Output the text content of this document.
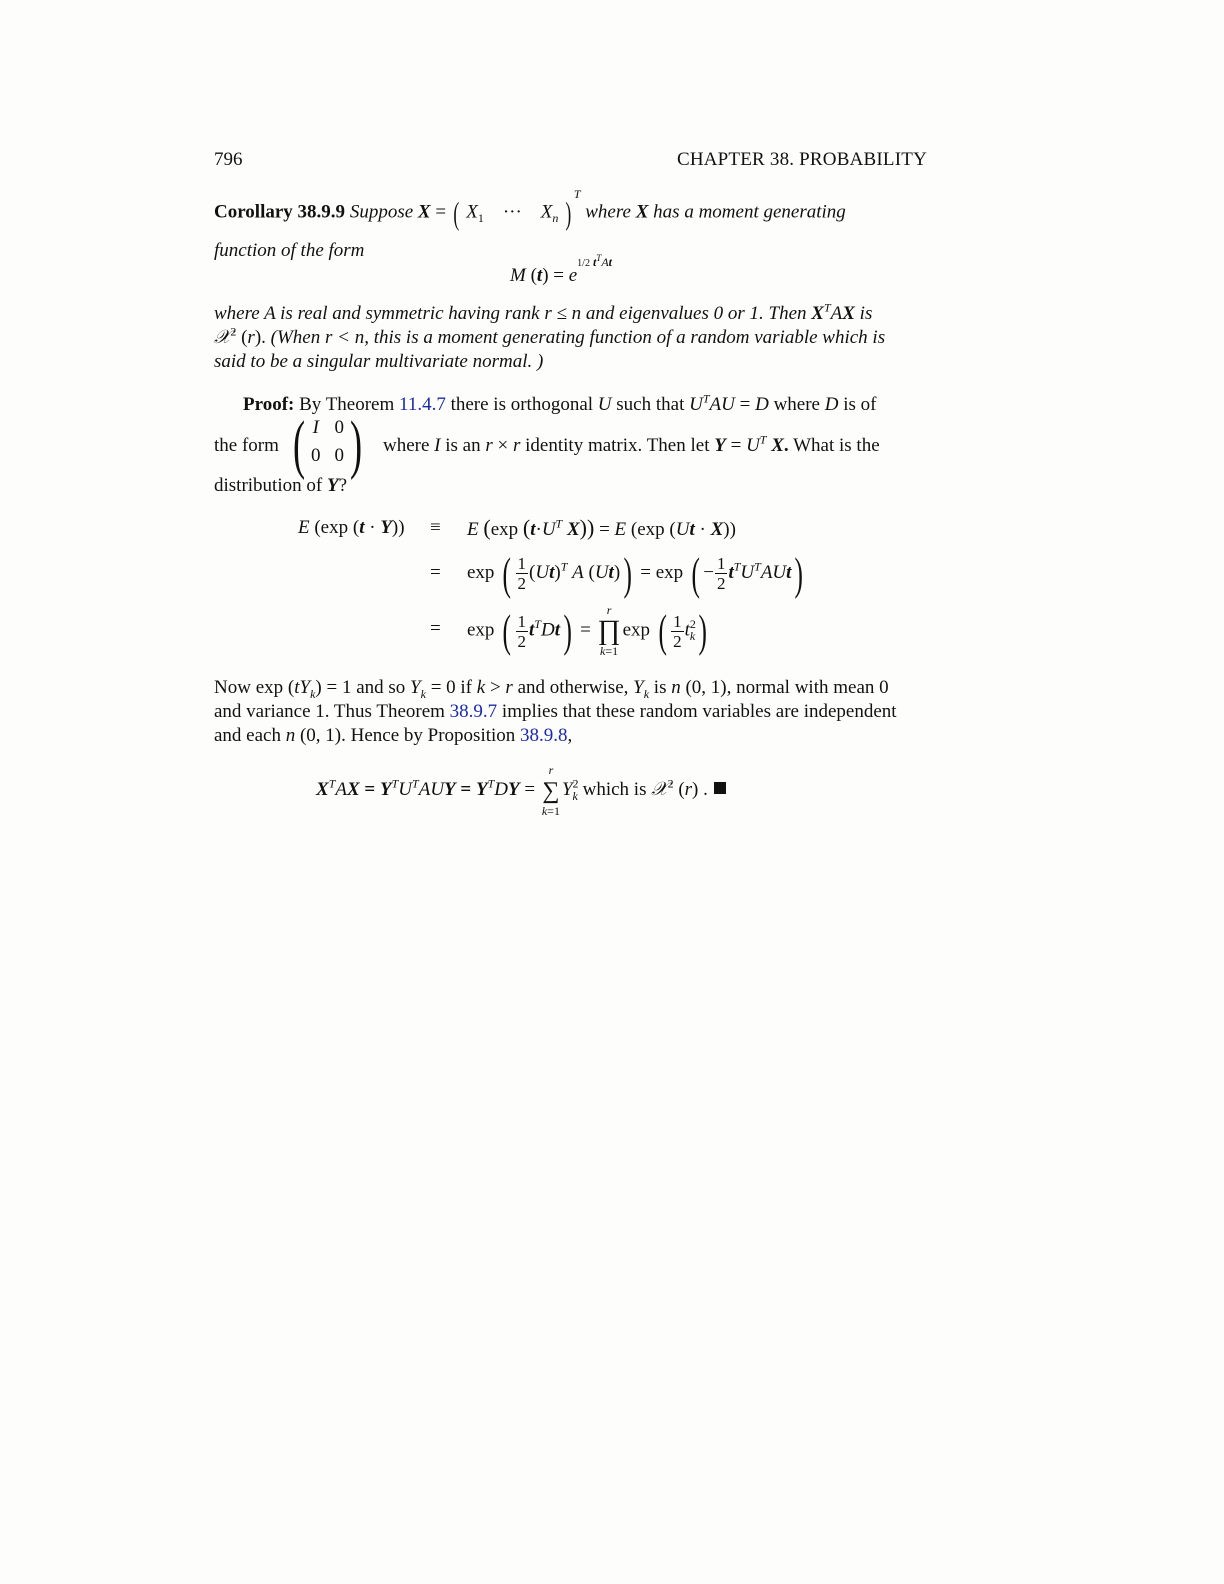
796	CHAPTER 38. PROBABILITY
Corollary 38.9.9 Suppose X = ( $X_1$    ···    $X_n$ )$^T$ where X has a moment generating
function of the form
M $(t) = e^{1/2 t^TAt}$
where A is real and symmetric having rank r ≤ n and eigenvalues 0 or 1. Then $X^TAX$ is
𝒳$^2$ (r). (When r < n, this is a moment generating function of a random variable which is
said to be a singular multivariate normal. )
Proof: By Theorem 11.4.7 there is orthogonal U such that $U^TAU = D$ where D is of
the form ( I	0
0	0 ) where I is an r × r identity matrix. Then let $Y = U^T$ X. What is the
distribution of Y?
E (exp (t · Y)) ≡ E (exp ($t\cdot U^T$ X)) = E (exp (Ut · X))
= exp ( $\frac{1}{2} (Ut)^T$ A (Ut)) = exp ( − $\frac{1}{2} t^TU^TAUt$)
= exp ( $\frac{1}{2} t^TDt) = r$
∏
k=1exp ( $\frac{1}{2} t^2_k$)
Now $\exp (tY_k) = 1$ and so $Y_k = 0$ if k > r and otherwise, $Y_k$ is n (0, 1), normal with mean 0
and variance 1. Thus Theorem 38.9.7 implies that these random variables are independent
and each n (0, 1). Hence by Proposition 38.9.8,
$X^TAX = Y^TU^TAUY = Y^TDY = r$
∑
$k=1Y^2_k$ which is 𝒳$^2$ (r) .
